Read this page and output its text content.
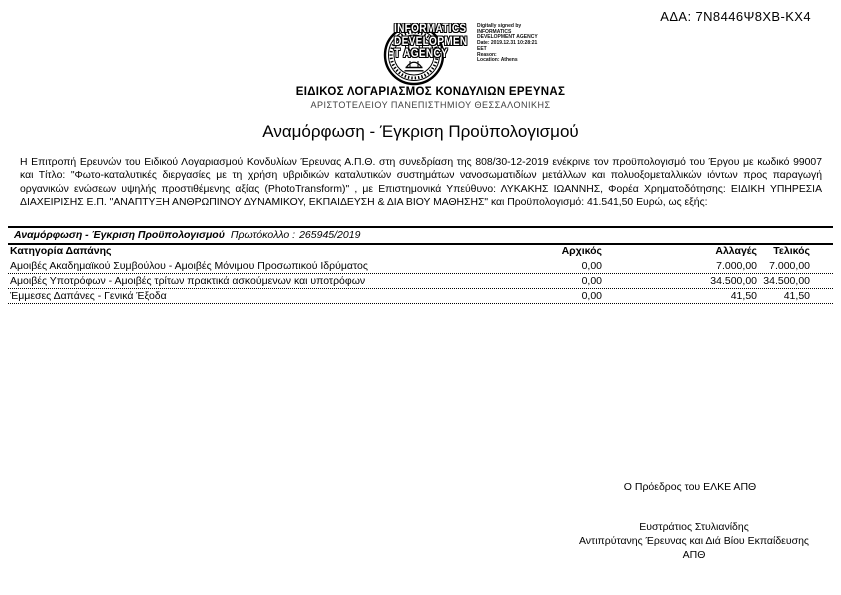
ΑΔΑ: 7Ν8446Ψ8ΧΒ-ΚΧ4
INFORMATICS
DEVELOPMEN
T AGENCY
Digitally signed by
INFORMATICS
DEVELOPMENT AGENCY
Date: 2019.12.31 10:28:21
EET
Reason:
Location: Athens
ΕΙΔΙΚΟΣ ΛΟΓΑΡΙΑΣΜΟΣ ΚΟΝΔΥΛΙΩΝ ΕΡΕΥΝΑΣ
ΑΡΙΣΤΟΤΕΛΕΙΟΥ ΠΑΝΕΠΙΣΤΗΜΙΟΥ ΘΕΣΣΑΛΟΝΙΚΗΣ
Αναμόρφωση - Έγκριση Προϋπολογισμού

Η Επιτροπή Ερευνών του Ειδικού Λογαριασμού Κονδυλίων Έρευνας Α.Π.Θ. στη συνεδρίαση της 808/30-12-2019 ενέκρινε τον προϋπολογισμό του Έργου με κωδικό 99007 και Τίτλο: "Φωτο-καταλυτικές διεργασίες με τη χρήση υβριδικών καταλυτικών συστημάτων νανοσωματιδίων μετάλλων και πολυοξομεταλλικών ιόντων προς παραγωγή οργανικών ενώσεων υψηλής προστιθέμενης αξίας (PhotoTransform)" , με Επιστημονικά Υπεύθυνο: ΛΥΚΑΚΗΣ ΙΩΑΝΝΗΣ, Φορέα Χρηματοδότησης: ΕΙΔΙΚΗ ΥΠΗΡΕΣΙΑ ΔΙΑΧΕΙΡΙΣΗΣ Ε.Π. "ΑΝΑΠΤΥΞΗ ΑΝΘΡΩΠΙΝΟΥ ΔΥΝΑΜΙΚΟΥ, ΕΚΠΑΙΔΕΥΣΗ & ΔΙΑ ΒΙΟΥ ΜΑΘΗΣΗΣ" και Προϋπολογισμό: 41.541,50 Ευρώ, ως εξής:

Αναμόρφωση - Έγκριση Προϋπολογισμού Πρωτόκολλο : 265945/2019
Κατηγορία Δαπάνης	Αρχικός	Αλλαγές	Τελικός
Αμοιβές Ακαδημαϊκού Συμβούλου - Αμοιβές Μόνιμου Προσωπικού Ιδρύματος	0,00	7.000,00	7.000,00
Αμοιβές Υποτρόφων - Αμοιβές τρίτων πρακτικά ασκούμενων και υποτρόφων	0,00	34.500,00 34.500,00
Έμμεσες Δαπάνες - Γενικά Έξοδα	0,00	41,50	41,50
Ο Πρόεδρος του ΕΛΚΕ ΑΠΘ
Ευστράτιος Στυλιανίδης
Αντιπρύτανης Έρευνας και Διά Βίου Εκπαίδευσης
ΑΠΘ
